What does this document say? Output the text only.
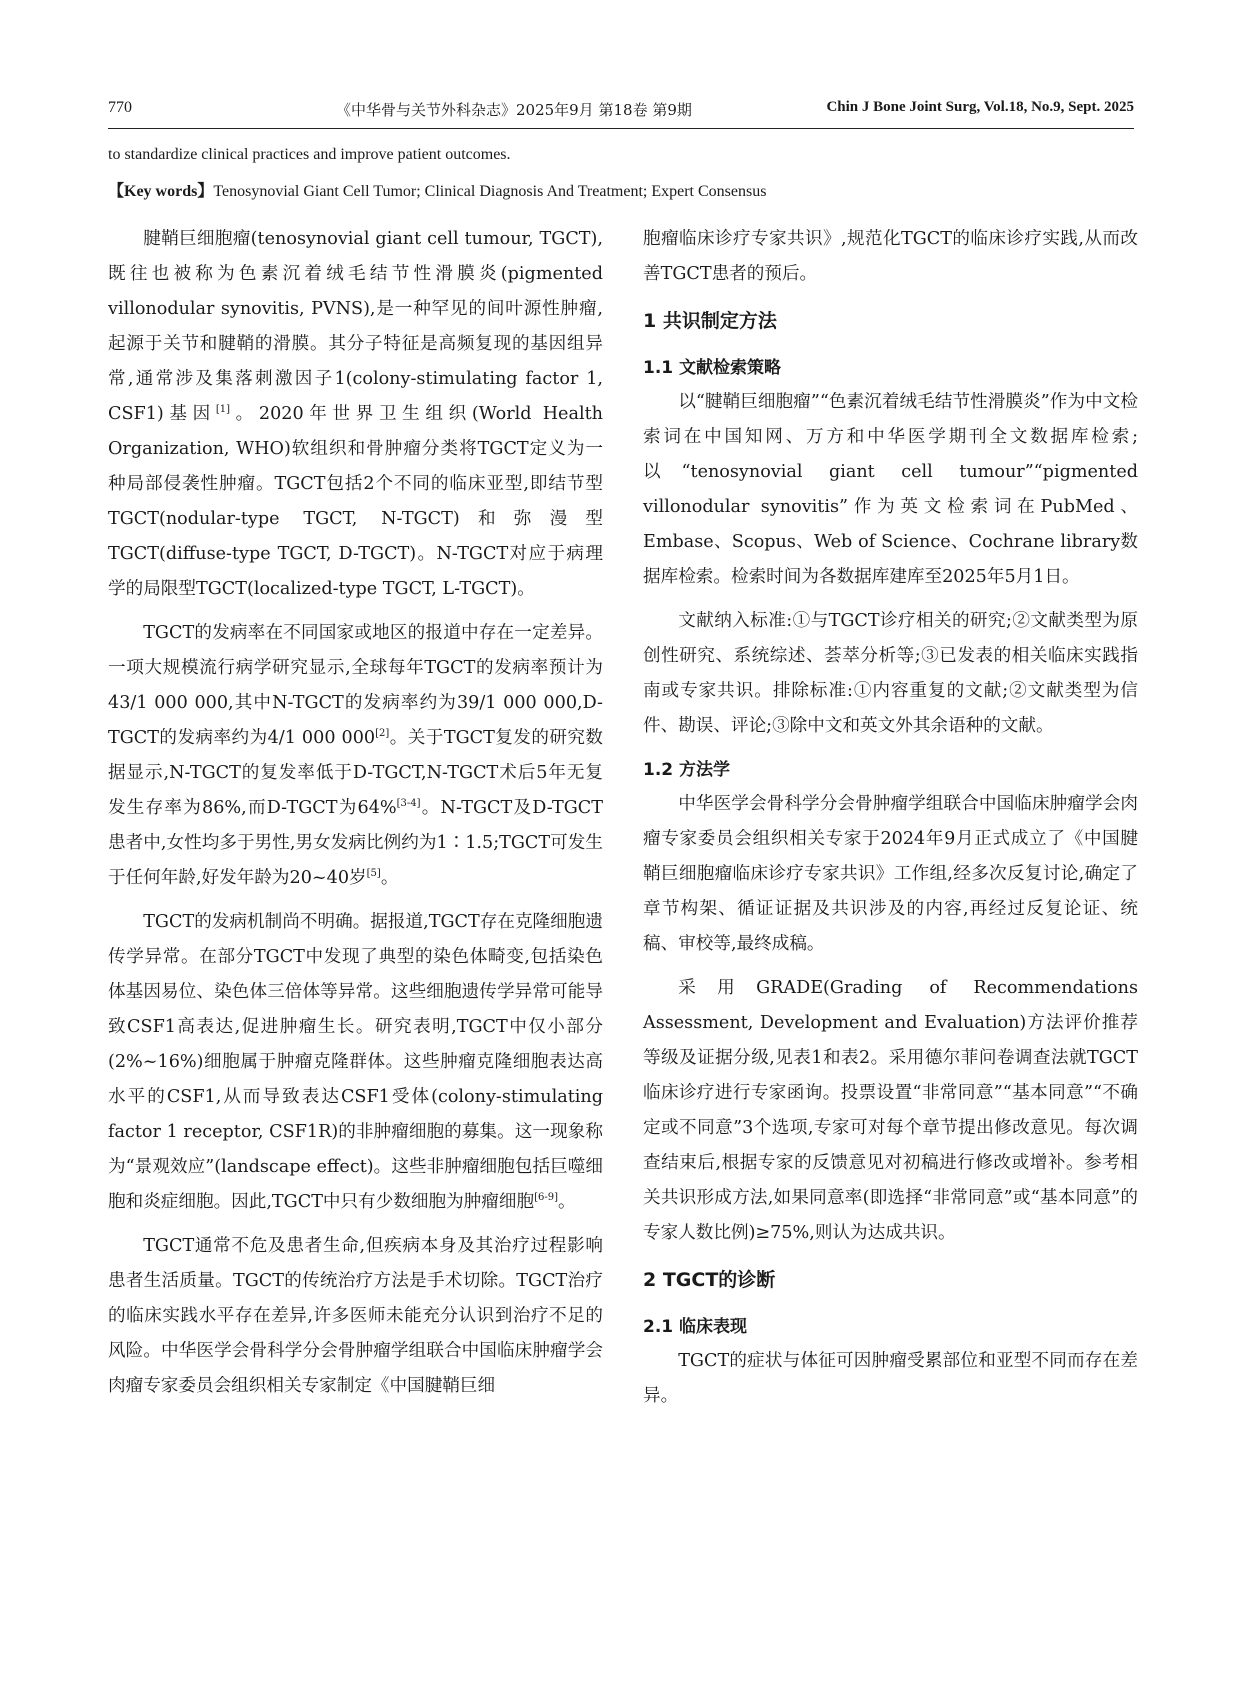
770	《中华骨与关节外科杂志》2025年9月 第18卷 第9期	Chin J Bone Joint Surg, Vol.18, No.9, Sept. 2025
to standardize clinical practices and improve patient outcomes.
【Key words】Tenosynovial Giant Cell Tumor; Clinical Diagnosis And Treatment; Expert Consensus

腱鞘巨细胞瘤(tenosynovial giant cell tumour, TGCT),既往也被称为色素沉着绒毛结节性滑膜炎(pigmented villonodular synovitis, PVNS),是一种罕见的间叶源性肿瘤,起源于关节和腱鞘的滑膜。其分子特征是高频复现的基因组异常,通常涉及集落刺激因子1(colony-stimulating factor 1, CSF1)基因[1]。2020年世界卫生组织(World Health Organization, WHO)软组织和骨肿瘤分类将TGCT定义为一种局部侵袭性肿瘤。TGCT包括2个不同的临床亚型,即结节型TGCT(nodular-type TGCT, N-TGCT)和弥漫型TGCT(diffuse-type TGCT, D-TGCT)。N-TGCT对应于病理学的局限型TGCT(localized-type TGCT, L-TGCT)。

TGCT的发病率在不同国家或地区的报道中存在一定差异。一项大规模流行病学研究显示,全球每年TGCT的发病率预计为43/1 000 000,其中N-TGCT的发病率约为39/1 000 000,D-TGCT的发病率约为4/1 000 000[2]。关于TGCT复发的研究数据显示,N-TGCT的复发率低于D-TGCT,N-TGCT术后5年无复发生存率为86%,而D-TGCT为64%[3-4]。N-TGCT及D-TGCT患者中,女性均多于男性,男女发病比例约为1∶1.5;TGCT可发生于任何年龄,好发年龄为20~40岁[5]。

TGCT的发病机制尚不明确。据报道,TGCT存在克隆细胞遗传学异常。在部分TGCT中发现了典型的染色体畸变,包括染色体基因易位、染色体三倍体等异常。这些细胞遗传学异常可能导致CSF1高表达,促进肿瘤生长。研究表明,TGCT中仅小部分(2%~16%)细胞属于肿瘤克隆群体。这些肿瘤克隆细胞表达高水平的CSF1,从而导致表达CSF1受体(colony-stimulating factor 1 receptor, CSF1R)的非肿瘤细胞的募集。这一现象称为“景观效应”(landscape effect)。这些非肿瘤细胞包括巨噬细胞和炎症细胞。因此,TGCT中只有少数细胞为肿瘤细胞[6-9]。

TGCT通常不危及患者生命,但疾病本身及其治疗过程影响患者生活质量。TGCT的传统治疗方法是手术切除。TGCT治疗的临床实践水平存在差异,许多医师未能充分认识到治疗不足的风险。中华医学会骨科学分会骨肿瘤学组联合中国临床肿瘤学会肉瘤专家委员会组织相关专家制定《中国腱鞘巨细

胞瘤临床诊疗专家共识》,规范化TGCT的临床诊疗实践,从而改善TGCT患者的预后。

1 共识制定方法
1.1 文献检索策略

以“腱鞘巨细胞瘤”“色素沉着绒毛结节性滑膜炎”作为中文检索词在中国知网、万方和中华医学期刊全文数据库检索;以“tenosynovial giant cell tumour”“pigmented villonodular synovitis”作为英文检索词在PubMed、Embase、Scopus、Web of Science、Cochrane library数据库检索。检索时间为各数据库建库至2025年5月1日。

文献纳入标准:①与TGCT诊疗相关的研究;②文献类型为原创性研究、系统综述、荟萃分析等;③已发表的相关临床实践指南或专家共识。排除标准:①内容重复的文献;②文献类型为信件、勘误、评论;③除中文和英文外其余语种的文献。

1.2 方法学

中华医学会骨科学分会骨肿瘤学组联合中国临床肿瘤学会肉瘤专家委员会组织相关专家于2024年9月正式成立了《中国腱鞘巨细胞瘤临床诊疗专家共识》工作组,经多次反复讨论,确定了章节构架、循证证据及共识涉及的内容,再经过反复论证、统稿、审校等,最终成稿。

采用GRADE(Grading of Recommendations Assessment, Development and Evaluation)方法评价推荐等级及证据分级,见表1和表2。采用德尔菲问卷调查法就TGCT临床诊疗进行专家函询。投票设置“非常同意”“基本同意”“不确定或不同意”3个选项,专家可对每个章节提出修改意见。每次调查结束后,根据专家的反馈意见对初稿进行修改或增补。参考相关共识形成方法,如果同意率(即选择“非常同意”或“基本同意”的专家人数比例)≥75%,则认为达成共识。

2 TGCT的诊断
2.1 临床表现

TGCT的症状与体征可因肿瘤受累部位和亚型不同而存在差异。
